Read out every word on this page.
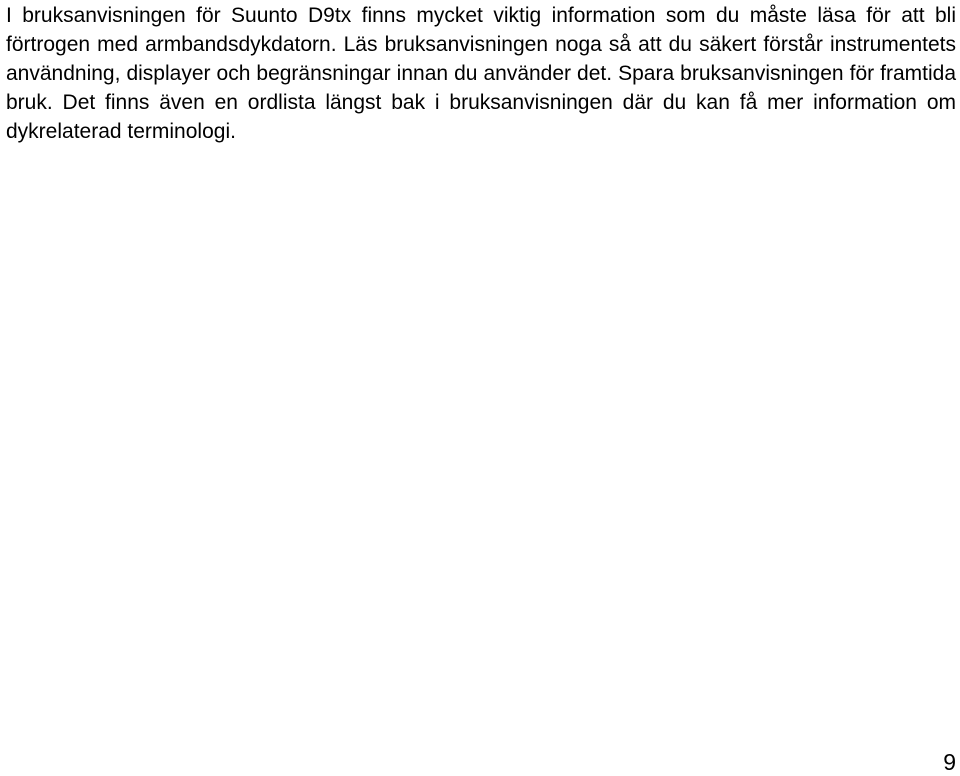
I bruksanvisningen för Suunto D9tx finns mycket viktig information som du måste läsa för att bli förtrogen med armbandsdykdatorn. Läs bruksanvisningen noga så att du säkert förstår instrumentets användning, displayer och begränsningar innan du använder det. Spara bruksanvisningen för framtida bruk. Det finns även en ordlista längst bak i bruksanvisningen där du kan få mer information om dykrelaterad terminologi.

9
